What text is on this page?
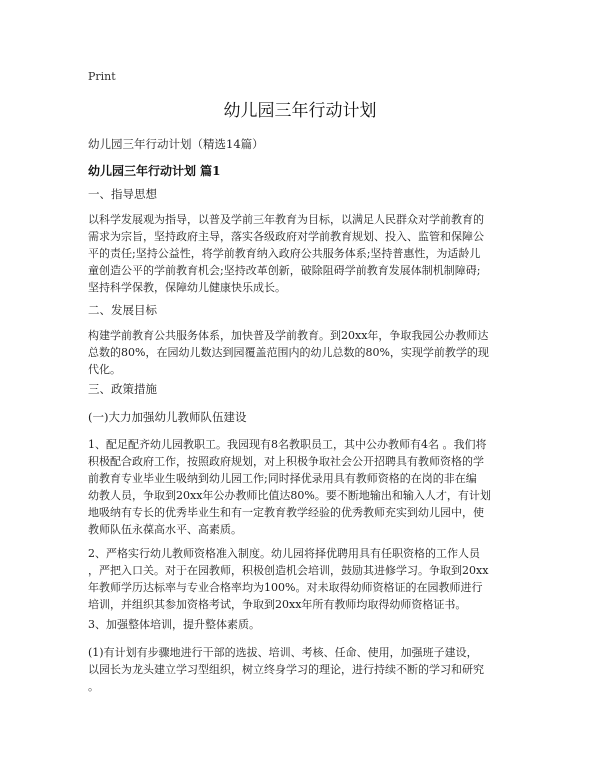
Print
幼儿园三年行动计划
幼儿园三年行动计划（精选14篇）
幼儿园三年行动计划 篇1
一、指导思想
以科学发展观为指导，以普及学前三年教育为目标，以满足人民群众对学前教育的
需求为宗旨，坚持政府主导，落实各级政府对学前教育规划、投入、监管和保障公
平的责任;坚持公益性，将学前教育纳入政府公共服务体系;坚持普惠性，为适龄儿
童创造公平的学前教育机会;坚持改革创新，破除阻碍学前教育发展体制机制障碍;
坚持科学保教，保障幼儿健康快乐成长。
二、发展目标
构建学前教育公共服务体系，加快普及学前教育。到20xx年，争取我园公办教师达
总数的80%，在园幼儿数达到园覆盖范围内的幼儿总数的80%，实现学前教学的现
代化。
三、政策措施
(一)大力加强幼儿教师队伍建设
1、配足配齐幼儿园教职工。我园现有8名教职员工，其中公办教师有4名 。我们将
积极配合政府工作，按照政府规划，对上积极争取社会公开招聘具有教师资格的学
前教育专业毕业生吸纳到幼儿园工作;同时择优录用具有教师资格的在岗的非在编
幼教人员，争取到20xx年公办教师比值达80%。要不断地输出和输入人才，有计划
地吸纳有专长的优秀毕业生和有一定教育教学经验的优秀教师充实到幼儿园中，使
教师队伍永葆高水平、高素质。
2、严格实行幼儿教师资格准入制度。幼儿园将择优聘用具有任职资格的工作人员
，严把入口关。对于在园教师，积极创造机会培训，鼓励其进修学习。争取到20xx
年教师学历达标率与专业合格率均为100%。对未取得幼师资格证的在园教师进行
培训，并组织其参加资格考试，争取到20xx年所有教师均取得幼师资格证书。
3、加强整体培训，提升整体素质。
(1)有计划有步骤地进行干部的选拔、培训、考核、任命、使用，加强班子建设，
以园长为龙头建立学习型组织，树立终身学习的理论，进行持续不断的学习和研究
。
